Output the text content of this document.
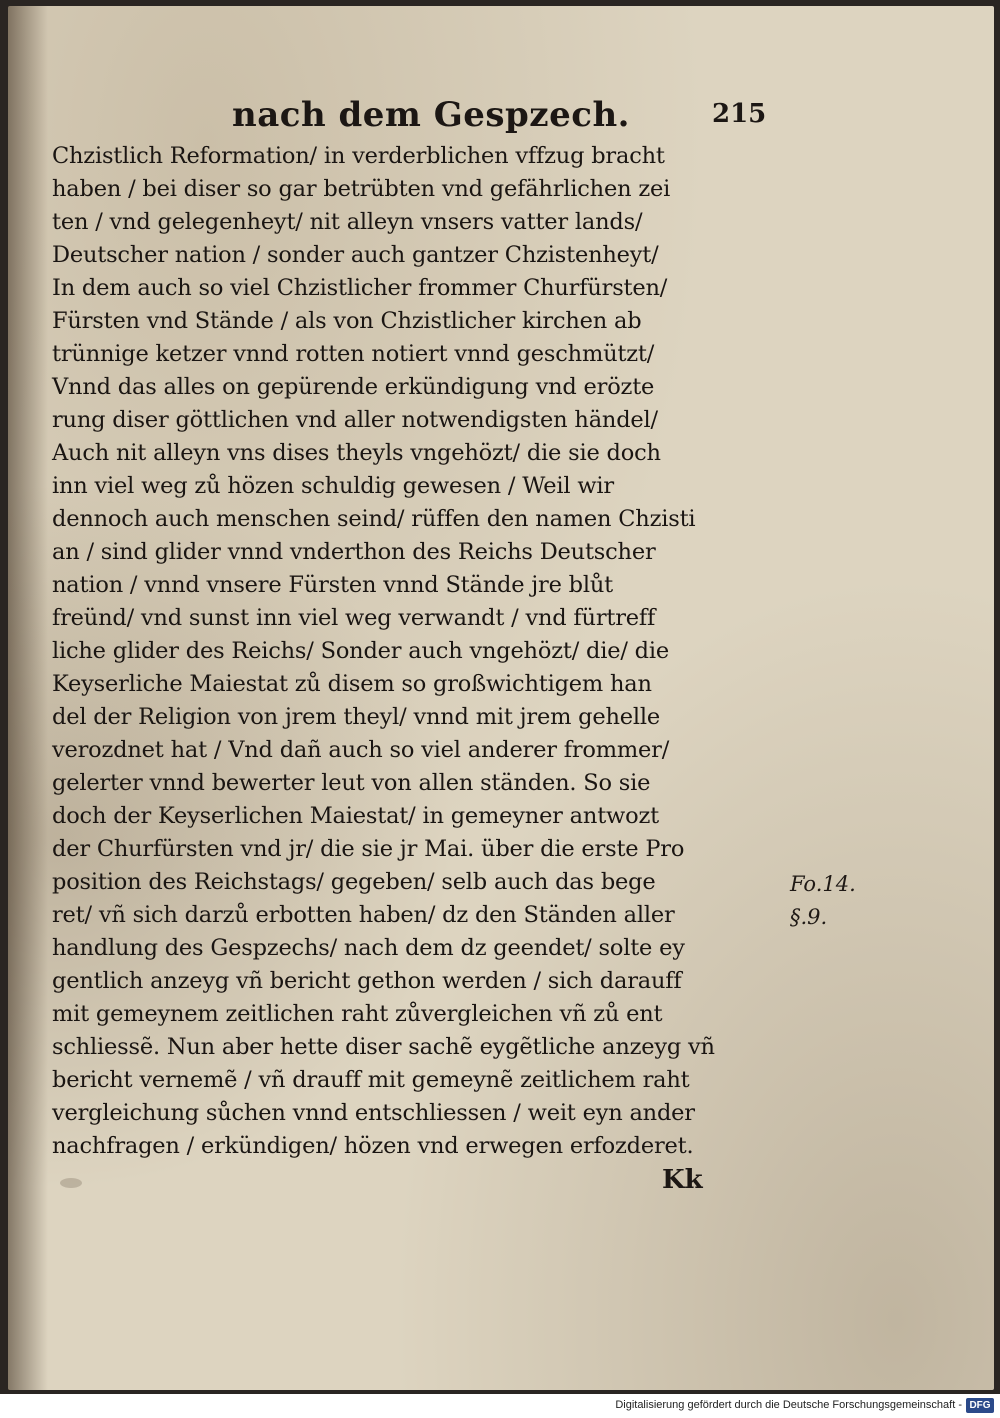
nach dem Gespzech.	215
Chzistlich Reformation/ in verderblichen vffzug bracht
haben / bei diser so gar betrübten vnd gefährlichen zei
ten / vnd gelegenheyt/ nit alleyn vnsers vatter lands/
Deutscher nation / sonder auch gantzer Chzistenheyt/
In dem auch so viel Chzistlicher frommer Churfürsten/
Fürsten vnd Stände / als von Chzistlicher kirchen ab
trünnige ketzer vnnd rotten notiert vnnd geschmützt/
Vnnd das alles on gepürende erkündigung vnd erözte
rung diser göttlichen vnd aller notwendigsten händel/
Auch nit alleyn vns dises theyls vngehözt/ die sie doch
inn viel weg zů hözen schuldig gewesen / Weil wir
dennoch auch menschen seind/ rüffen den namen Chzisti
an / sind glider vnnd vnderthon des Reichs Deutscher
nation / vnnd vnsere Fürsten vnnd Stände jre blůt
freünd/ vnd sunst inn viel weg verwandt / vnd fürtreff
liche glider des Reichs/ Sonder auch vngehözt/ die/ die
Keyserliche Maiestat zů disem so großwichtigem han
del der Religion von jrem theyl/ vnnd mit jrem gehelle
verozdnet hat / Vnd dañ auch so viel anderer frommer/
gelerter vnnd bewerter leut von allen ständen. So sie
doch der Keyserlichen Maiestat/ in gemeyner antwozt
der Churfürsten vnd jr/ die sie jr Mai. über die erste Pro
position des Reichstags/ gegeben/ selb auch das bege
ret/ vñ sich darzů erbotten haben/ dz den Ständen aller
handlung des Gespzechs/ nach dem dz geendet/ solte ey
gentlich anzeyg vñ bericht gethon werden / sich darauff
mit gemeynem zeitlichen raht zůvergleichen vñ zů ent
schliessẽ. Nun aber hette diser sachẽ eygẽtliche anzeyg vñ
bericht vernemẽ / vñ drauff mit gemeynẽ zeitlichem raht
vergleichung sůchen vnnd entschliessen / weit eyn ander
nachfragen / erkündigen/ hözen vnd erwegen erfozderet.
Fo.14.
§.9.
Kk
Digitalisierung gefördert durch die Deutsche Forschungsgemeinschaft - DFG
